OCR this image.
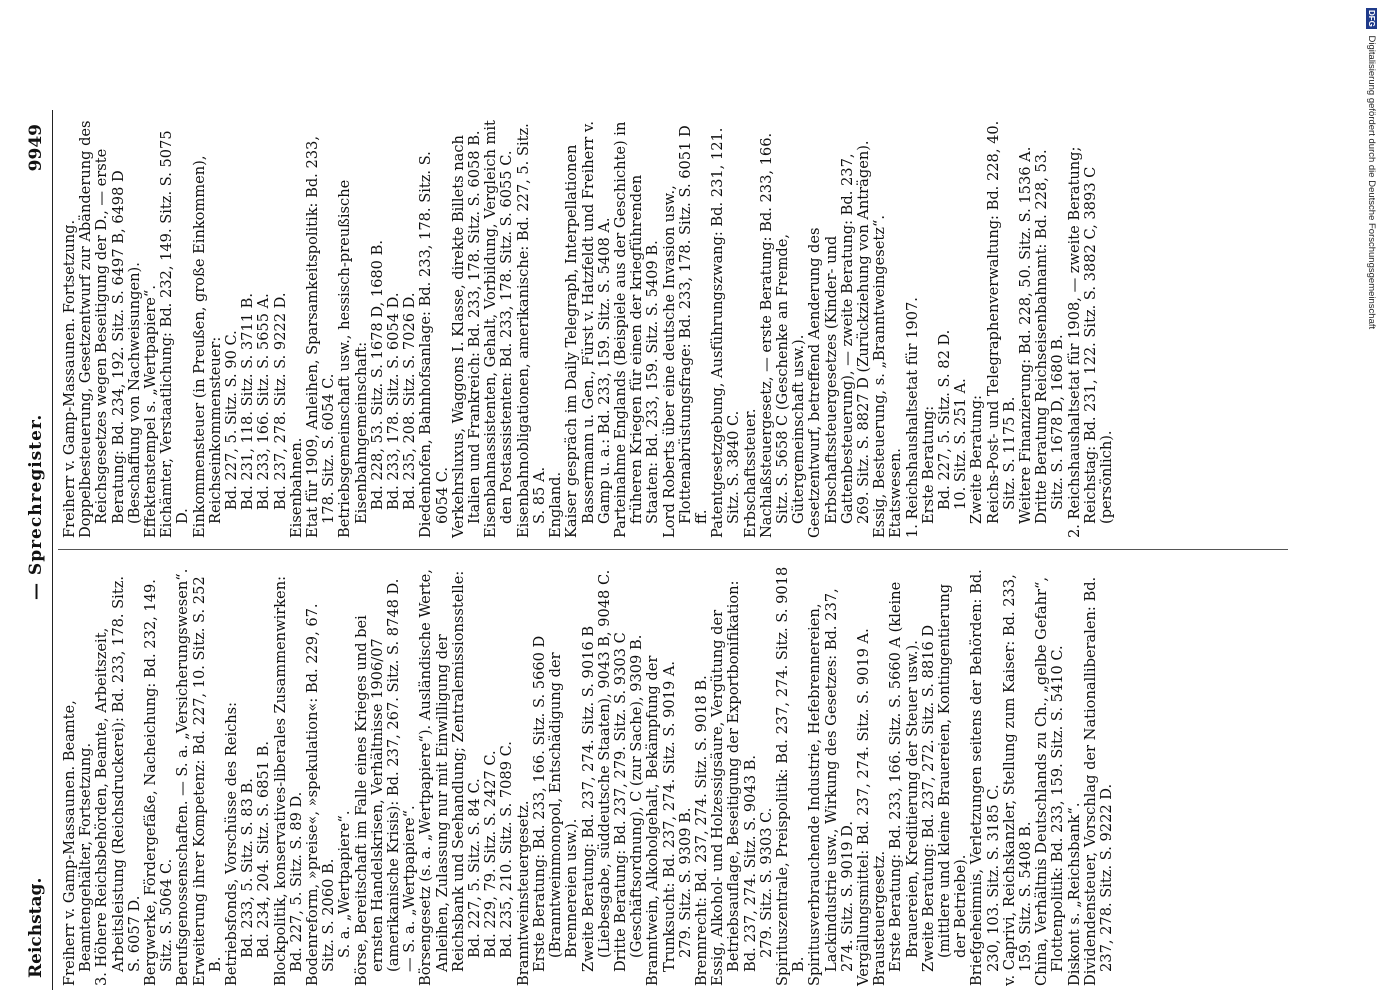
Reichstag.
— Sprechregister.
9949
Freiherr v. Gamp-Massaunen. Beamte, Beamtengehälter, Fortsetzung. 3. Höhere Reichsbehörden, Beamte, Arbeitszeit, Arbeitsleistung (Reichsdruckerei): Bd. 233, 178. Sitz. S. 6057 D. Bergwerke, Fördergefäße, Nacheichung: Bd. 232, 149. Sitz. S. 5064 C. Berufsgenossenschaften. — S. a. „Versicherungswesen“. Erweiterung ihrer Kompetenz: Bd. 227, 10. Sitz. S. 252 B. Betriebsfonds, Vorschüsse des Reichs: Bd. 233, 5. Sitz. S. 83 B. Bd. 234, 204. Sitz. S. 6851 B. Blockpolitik, konservatives-liberales Zusammenwirken: Bd. 227, 5. Sitz. S. 89 D. Bodenreform, »preise«, »spekulation«: Bd. 229, 67. Sitz. S. 2060 B. S. a. „Wertpapiere“. Börse, Bereitschaft im Falle eines Krieges und bei ernsten Handelskrisen, Verhältnisse 1906/07 (amerikanische Krisis): Bd. 237, 267. Sitz. S. 8748 D. — S. a. „Wertpapiere“. Börsengesetz (s. a. „Wertpapiere“). Ausländische Werte, Anleihen, Zulassung nur mit Einwilligung der Reichsbank und Seehandlung; Zentralemissionsstelle: Bd. 227, 5. Sitz. S. 84 C. Bd. 229, 79. Sitz. S. 2427 C. Bd. 235, 210. Sitz. S. 7089 C. Branntweinsteuergesetz. Erste Beratung: Bd. 233, 166. Sitz. S. 5660 D (Branntweinmonopol, Entschädigung der Brennereien usw.). Zweite Beratung: Bd. 237, 274. Sitz. S. 9016 B (Liebesgabe, süddeutsche Staaten), 9043 B, 9048 C. Dritte Beratung: Bd. 237, 279. Sitz. S. 9303 C (Geschäftsordnung), C (zur Sache), 9309 B. Branntwein, Alkoholgehalt, Bekämpfung der Trunksucht: Bd. 237, 274. Sitz. S. 9019 A. 279. Sitz. S. 9309 B. Brennrecht: Bd. 237, 274. Sitz. S. 9018 B. Essig, Alkohol- und Holzessigsäure, Vergütung der Betriebsauflage, Beseitigung der Exportbonifikation: Bd. 237, 274. Sitz. S. 9043 B. 279. Sitz. S. 9303 C. Spirituszentrale, Preispolitik: Bd. 237, 274. Sitz. S. 9018 B. Spiritusverbrauchende Industrie, Hefebrennereien, Lackindustrie usw., Wirkung des Gesetzes: Bd. 237, 274. Sitz. S. 9019 D. Vergällungsmittel: Bd. 237, 274. Sitz. S. 9019 A. Brausteuergesetz. Erste Beratung: Bd. 233, 166. Sitz. S. 5660 A (kleine Brauereien, Kreditierung der Steuer usw.). Zweite Beratung: Bd. 237, 272. Sitz. S. 8816 D (mittlere und kleine Brauereien, Kontingentierung der Betriebe). Briefgeheimnis, Verletzungen seitens der Behörden: Bd. 230, 103. Sitz. S. 3185 C. v. Caprivi, Reichskanzler, Stellung zum Kaiser: Bd. 233, 159. Sitz. S. 5408 B. China, Verhältnis Deutschlands zu Ch., „gelbe Gefahr“, Flottenpolitik: Bd. 233, 159. Sitz. S. 5410 C. Diskont s. „Reichsbank“. Dividendensteuer, Vorschlag der Nationalliberalen: Bd. 237, 278. Sitz. S. 9222 D.
Freiherr v. Gamp-Massaunen. Fortsetzung. Doppelbesteuerung, Gesetzentwurf zur Abänderung des Reichsgesetzes wegen Beseitigung der D., — erste Beratung: Bd. 234, 192. Sitz. S. 6497 B, 6498 D (Beschaffung von Nachweisungen). Effektenstempel s. „Wertpapiere“. Eichämter, Verstaatlichung: Bd. 232, 149. Sitz. S. 5075 D. Einkommensteuer (in Preußen, große Einkommen), Reichseinkommensteuer: Bd. 227, 5. Sitz. S. 90 C. Bd. 231, 118. Sitz. S. 3711 B. Bd. 233, 166. Sitz. S. 5655 A. Bd. 237, 278. Sitz. S. 9222 D. Eisenbahnen. Etat für 1909, Anleihen, Sparsamkeitspolitik: Bd. 233, 178. Sitz. S. 6054 C. Betriebsgemeinschaft usw., hessisch-preußische Eisenbahngemeinschaft: Bd. 228, 53. Sitz. S. 1678 D, 1680 B. Bd. 233, 178. Sitz. S. 6054 D. Bd. 235, 208. Sitz. S. 7026 D. Diedenhofen, Bahnhofsanlage: Bd. 233, 178. Sitz. S. 6054 C. Verkehrsluxus, Waggons I. Klasse, direkte Billets nach Italien und Frankreich: Bd. 233, 178. Sitz. S. 6058 B. Eisenbahnassistenten, Gehalt, Vorbildung, Vergleich mit den Postassistenten: Bd. 233, 178. Sitz. S. 6055 C. Eisenbahnobligationen, amerikanische: Bd. 227, 5. Sitz. S. 85 A. England. Kaiser gespräch im Daily Telegraph, Interpellationen Bassermann u. Gen., Fürst v. Hatzfeldt und Freiherr v. Gamp u. a.: Bd. 233, 159. Sitz. S. 5408 A. Parteinahme Englands (Beispiele aus der Geschichte) in früheren Kriegen für einen der kriegführenden Staaten: Bd. 233, 159. Sitz. S. 5409 B. Lord Roberts über eine deutsche Invasion usw., Flottenabrüstungsfrage: Bd. 233, 178. Sitz. S. 6051 D ff. Patentgesetzgebung, Ausführungszwang: Bd. 231, 121. Sitz. S. 3840 C. Erbschaftssteuer. Nachlaßsteuergesetz, — erste Beratung: Bd. 233, 166. Sitz. S. 5658 C (Geschenke an Fremde, Gütergemeinschaft usw.). Gesetzentwurf, betreffend Aenderung des Erbschaftssteuergesetzes (Kinder- und Gattenbesteuerung), — zweite Beratung: Bd. 237, 269. Sitz. S. 8827 D (Zurückziehung von Anträgen). Essig, Besteuerung, s. „Branntweingesetz“. Etatswesen. 1. Reichshaushaltsetat für 1907. Erste Beratung: Bd. 227, 5. Sitz. S. 82 D. 10. Sitz. S. 251 A. Zweite Beratung: Reichs-Post- und Telegraphenverwaltung: Bd. 228, 40. Sitz. S. 1175 B. Weitere Finanzierung: Bd. 228, 50. Sitz. S. 1536 A. Dritte Beratung Reichseisenbahnamt: Bd. 228, 53. Sitz. S. 1678 D, 1680 B. 2. Reichshaushaltsetat für 1908, — zweite Beratung; Reichstag: Bd. 231, 122. Sitz. S. 3882 C, 3893 C (persönlich).
DFG Digitalisierung gefördert durch die Deutsche Forschungsgemeinschaft
